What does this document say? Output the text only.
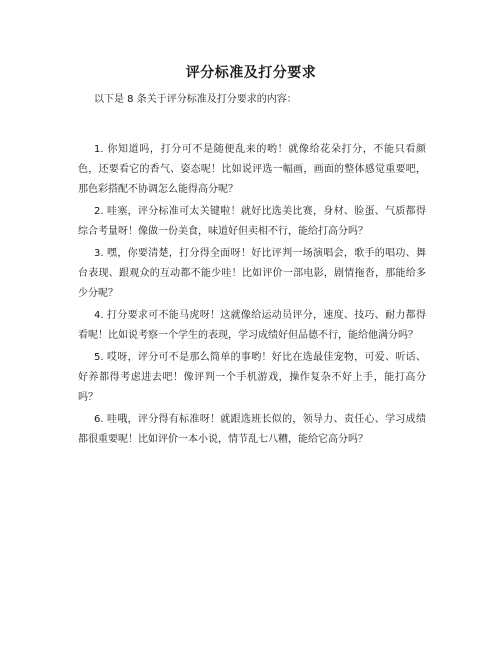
评分标准及打分要求
以下是 8 条关于评分标准及打分要求的内容：

1. 你知道吗，打分可不是随便乱来的哟！就像给花朵打分，不能只看颜色，还要看它的香气、姿态呢！比如说评选一幅画，画面的整体感觉重要吧，那色彩搭配不协调怎么能得高分呢？

2. 哇塞，评分标准可太关键啦！就好比选美比赛，身材、脸蛋、气质都得综合考量呀！像做一份美食，味道好但卖相不行，能给打高分吗？

3. 嘿，你要清楚，打分得全面呀！好比评判一场演唱会，歌手的唱功、舞台表现、跟观众的互动都不能少哇！比如评价一部电影，剧情拖沓，那能给多少分呢？

4. 打分要求可不能马虎呀！这就像给运动员评分，速度、技巧、耐力都得看呢！比如说考察一个学生的表现，学习成绩好但品德不行，能给他满分吗？

5. 哎呀，评分可不是那么简单的事哟！好比在选最佳宠物，可爱、听话、好养都得考虑进去吧！像评判一个手机游戏，操作复杂不好上手，能打高分吗？

6. 哇哦，评分得有标准呀！就跟选班长似的，领导力、责任心、学习成绩都很重要呢！比如评价一本小说，情节乱七八糟，能给它高分吗？
